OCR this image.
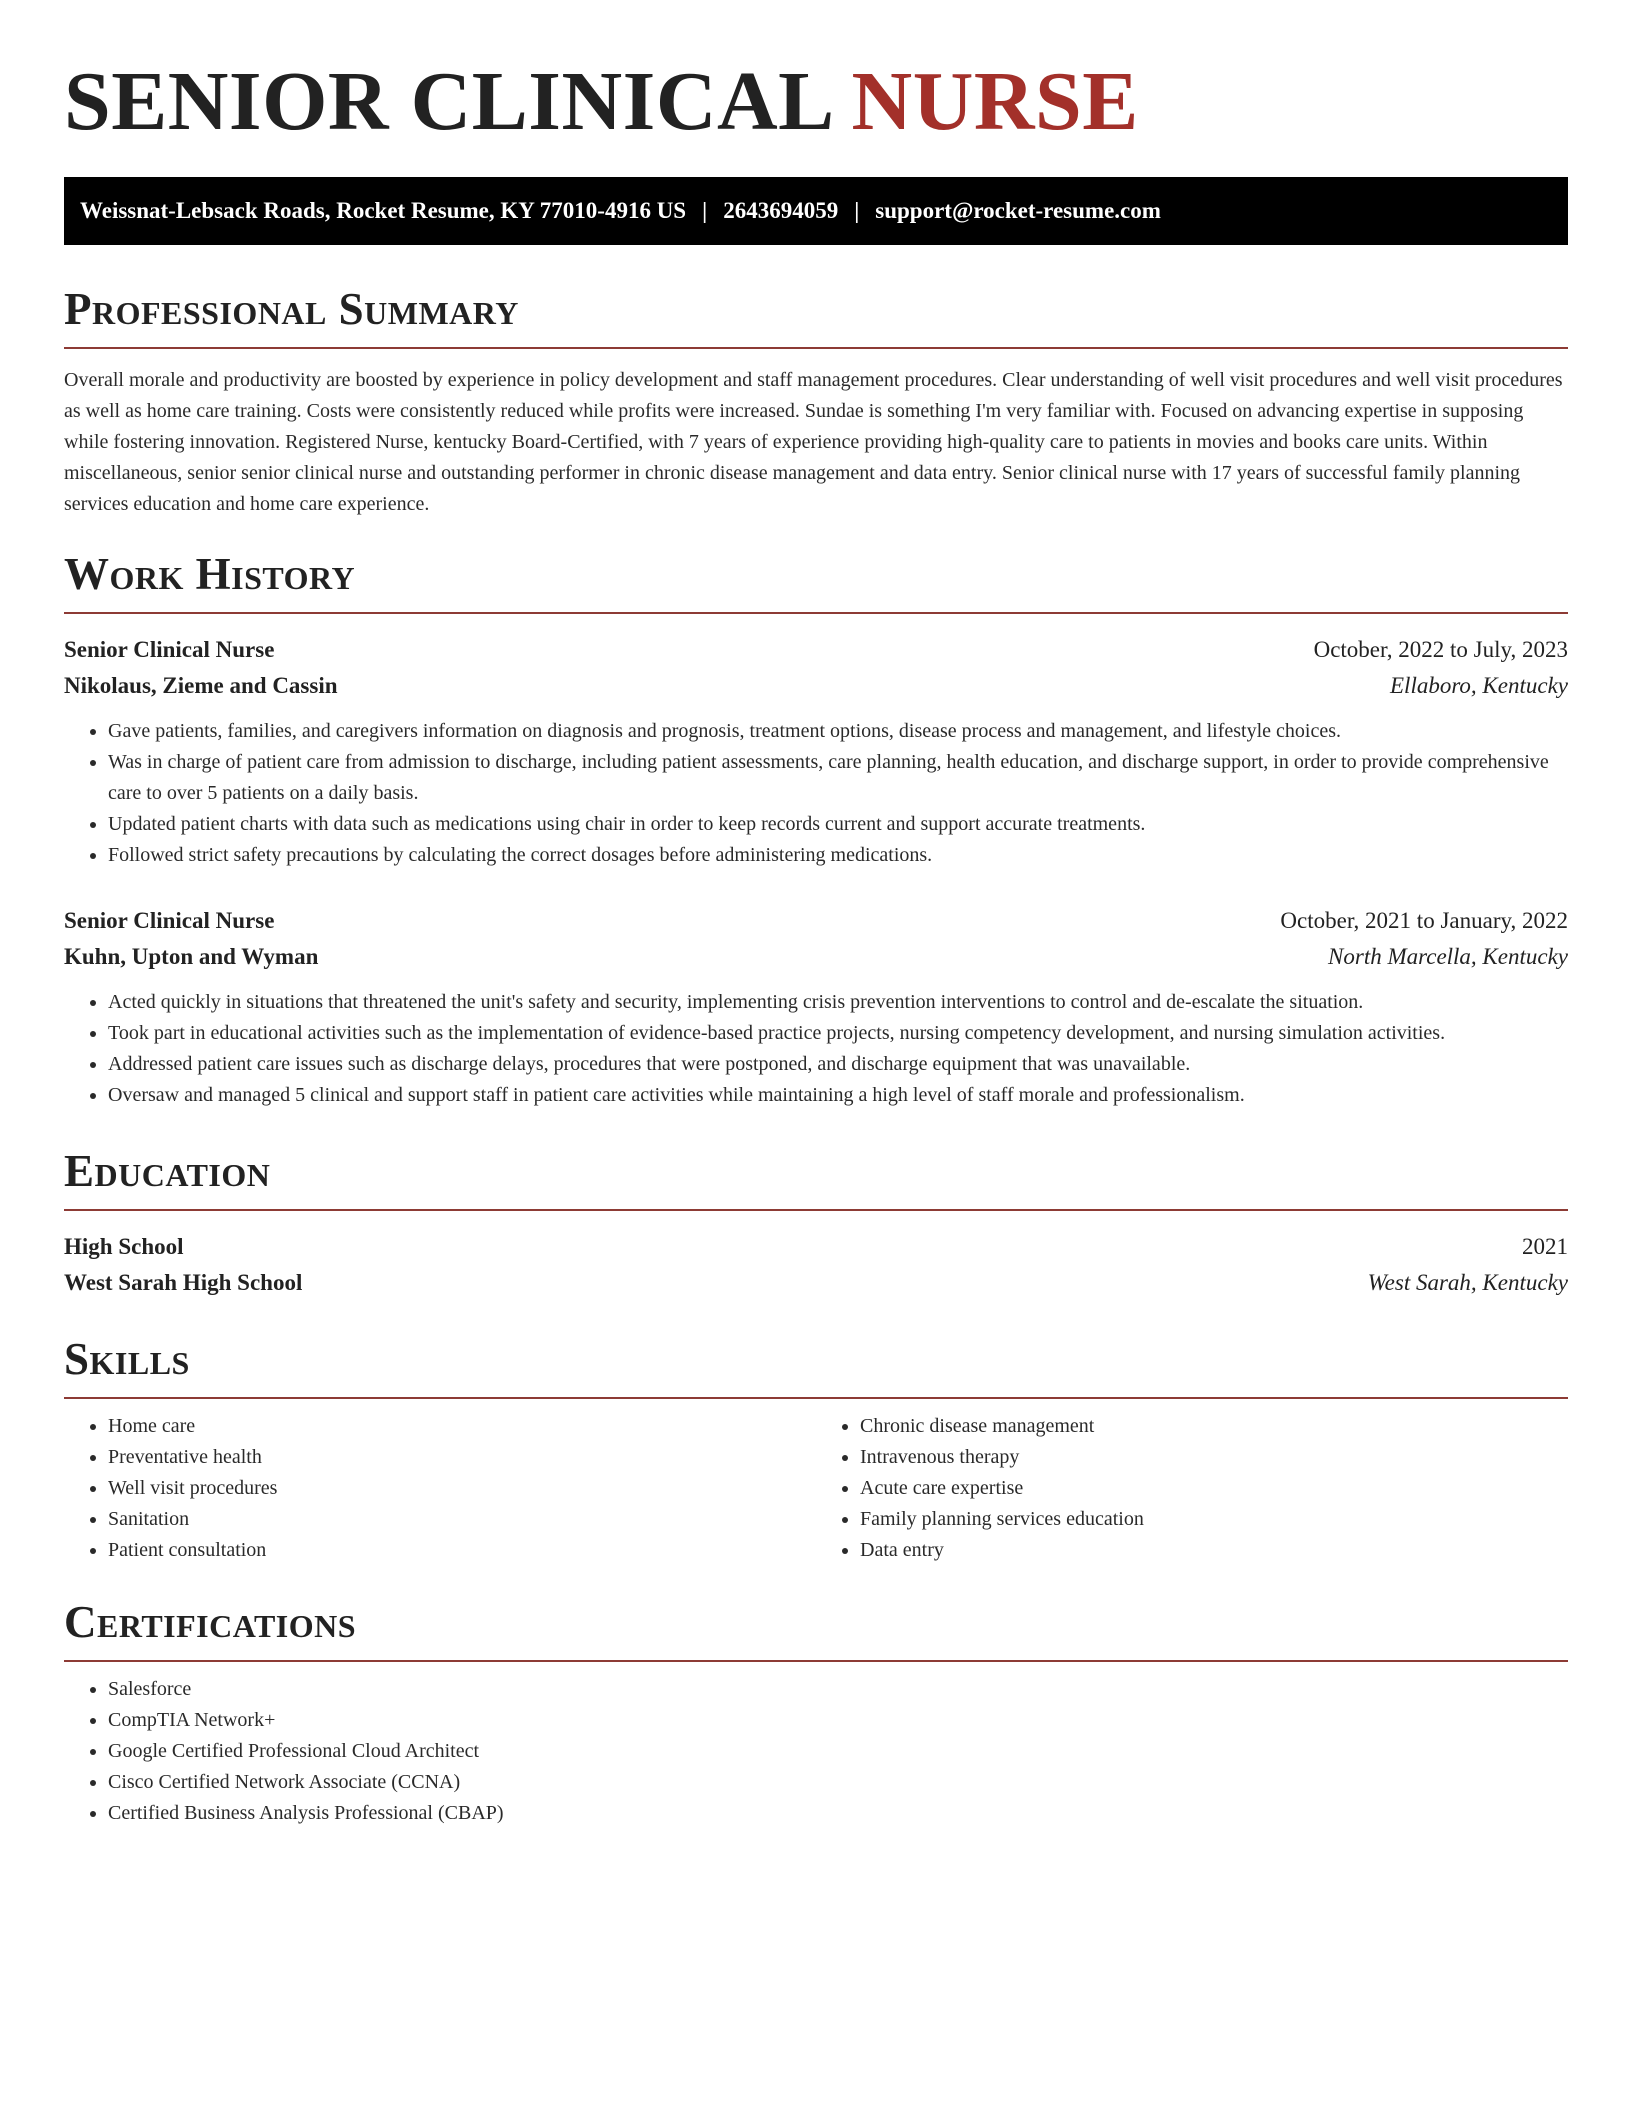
SENIOR CLINICAL NURSE
Weissnat-Lebsack Roads, Rocket Resume, KY 77010-4916 US | 2643694059 | support@rocket-resume.com
Professional Summary

Overall morale and productivity are boosted by experience in policy development and staff management procedures. Clear understanding of well visit procedures and well visit procedures as well as home care training. Costs were consistently reduced while profits were increased. Sundae is something I'm very familiar with. Focused on advancing expertise in supposing while fostering innovation. Registered Nurse, kentucky Board-Certified, with 7 years of experience providing high-quality care to patients in movies and books care units. Within miscellaneous, senior senior clinical nurse and outstanding performer in chronic disease management and data entry. Senior clinical nurse with 17 years of successful family planning services education and home care experience.

Work History
Senior Clinical Nurse	October, 2022 to July, 2023
Nikolaus, Zieme and Cassin	Ellaboro, Kentucky
• Gave patients, families, and caregivers information on diagnosis and prognosis, treatment options, disease process and management, and lifestyle choices.
• Was in charge of patient care from admission to discharge, including patient assessments, care planning, health education, and discharge support, in order to provide comprehensive care to over 5 patients on a daily basis.
• Updated patient charts with data such as medications using chair in order to keep records current and support accurate treatments.
• Followed strict safety precautions by calculating the correct dosages before administering medications.
Senior Clinical Nurse	October, 2021 to January, 2022
Kuhn, Upton and Wyman	North Marcella, Kentucky
• Acted quickly in situations that threatened the unit's safety and security, implementing crisis prevention interventions to control and de-escalate the situation.
• Took part in educational activities such as the implementation of evidence-based practice projects, nursing competency development, and nursing simulation activities.
• Addressed patient care issues such as discharge delays, procedures that were postponed, and discharge equipment that was unavailable.
• Oversaw and managed 5 clinical and support staff in patient care activities while maintaining a high level of staff morale and professionalism.
Education
High School	2021
West Sarah High School	West Sarah, Kentucky
Skills
• Home care
• Preventative health
• Well visit procedures
• Sanitation
• Patient consultation
• Chronic disease management
• Intravenous therapy
• Acute care expertise
• Family planning services education
• Data entry
Certifications
• Salesforce
• CompTIA Network+
• Google Certified Professional Cloud Architect
• Cisco Certified Network Associate (CCNA)
• Certified Business Analysis Professional (CBAP)
